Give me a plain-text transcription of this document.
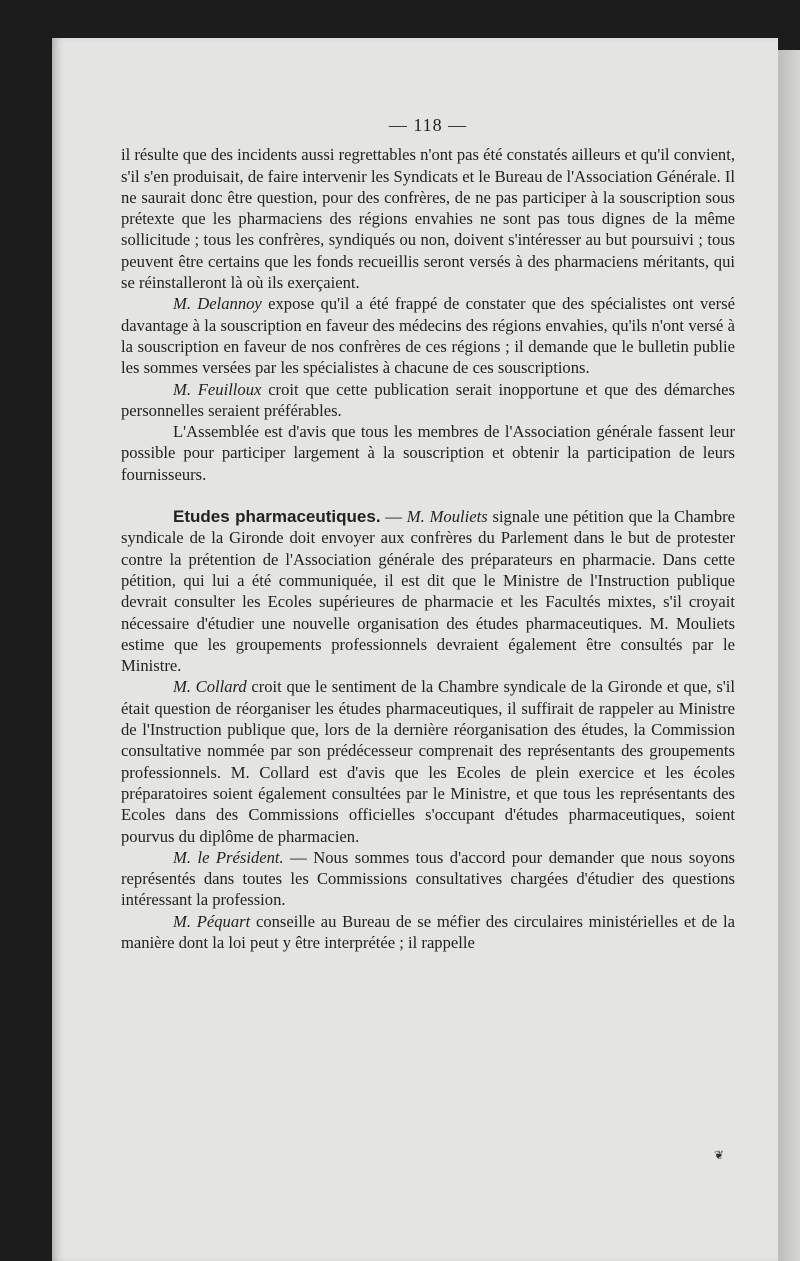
— 118 —

il résulte que des incidents aussi regrettables n'ont pas été constatés ailleurs et qu'il convient, s'il s'en produisait, de faire intervenir les Syndicats et le Bureau de l'Association Générale. Il ne saurait donc être question, pour des confrères, de ne pas participer à la souscription sous prétexte que les pharmaciens des régions envahies ne sont pas tous dignes de la même sollicitude ; tous les confrères, syndiqués ou non, doivent s'intéresser au but poursuivi ; tous peuvent être certains que les fonds recueillis seront versés à des pharmaciens méritants, qui se réinstalleront là où ils exerçaient.

M. Delannoy expose qu'il a été frappé de constater que des spécialistes ont versé davantage à la souscription en faveur des médecins des régions envahies, qu'ils n'ont versé à la souscription en faveur de nos confrères de ces régions ; il demande que le bulletin publie les sommes versées par les spécialistes à chacune de ces souscriptions.

M. Feuilloux croit que cette publication serait inopportune et que des démarches personnelles seraient préférables.

L'Assemblée est d'avis que tous les membres de l'Association générale fassent leur possible pour participer largement à la souscription et obtenir la participation de leurs fournisseurs.

Etudes pharmaceutiques. — M. Mouliets signale une pétition que la Chambre syndicale de la Gironde doit envoyer aux confrères du Parlement dans le but de protester contre la prétention de l'Association générale des préparateurs en pharmacie. Dans cette pétition, qui lui a été communiquée, il est dit que le Ministre de l'Instruction publique devrait consulter les Ecoles supérieures de pharmacie et les Facultés mixtes, s'il croyait nécessaire d'étudier une nouvelle organisation des études pharmaceutiques. M. Mouliets estime que les groupements professionnels devraient également être consultés par le Ministre.

M. Collard croit que le sentiment de la Chambre syndicale de la Gironde et que, s'il était question de réorganiser les études pharmaceutiques, il suffirait de rappeler au Ministre de l'Instruction publique que, lors de la dernière réorganisation des études, la Commission consultative nommée par son prédécesseur comprenait des représentants des groupements professionnels. M. Collard est d'avis que les Ecoles de plein exercice et les écoles préparatoires soient également consultées par le Ministre, et que tous les représentants des Ecoles dans des Commissions officielles s'occupant d'études pharmaceutiques, soient pourvus du diplôme de pharmacien.

M. le Président. — Nous sommes tous d'accord pour demander que nous soyons représentés dans toutes les Commissions consultatives chargées d'étudier des questions intéressant la profession.

M. Péquart conseille au Bureau de se méfier des circulaires ministérielles et de la manière dont la loi peut y être interprétée ; il rappelle

❦
